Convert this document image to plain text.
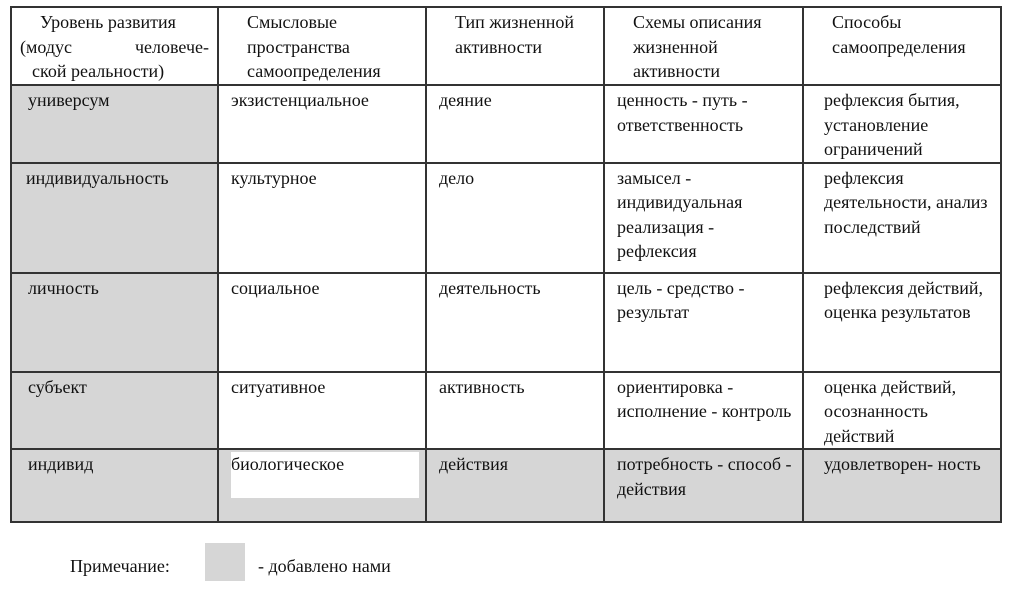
Уровень развития
(модус человече-
ской реальности)	Смысловые пространства самоопределения	Тип жизненной активности	Схемы описания жизненной активности	Способы самоопределения
универсум	экзистенциальное	деяние	ценность - путь - ответственность	рефлексия бытия, установление ограничений
индивидуальность	культурное	дело	замысел - индивидуальная реализация - рефлексия	рефлексия деятельности, анализ последствий
личность	социальное	деятельность	цель - средство - результат	рефлексия действий, оценка результатов
субъект	ситуативное	активность	ориентировка - исполнение - контроль	оценка действий, осознанность действий
индивид	биологическое	действия	потребность - способ - действия	удовлетворен- ность
Примечание:	- добавлено нами
